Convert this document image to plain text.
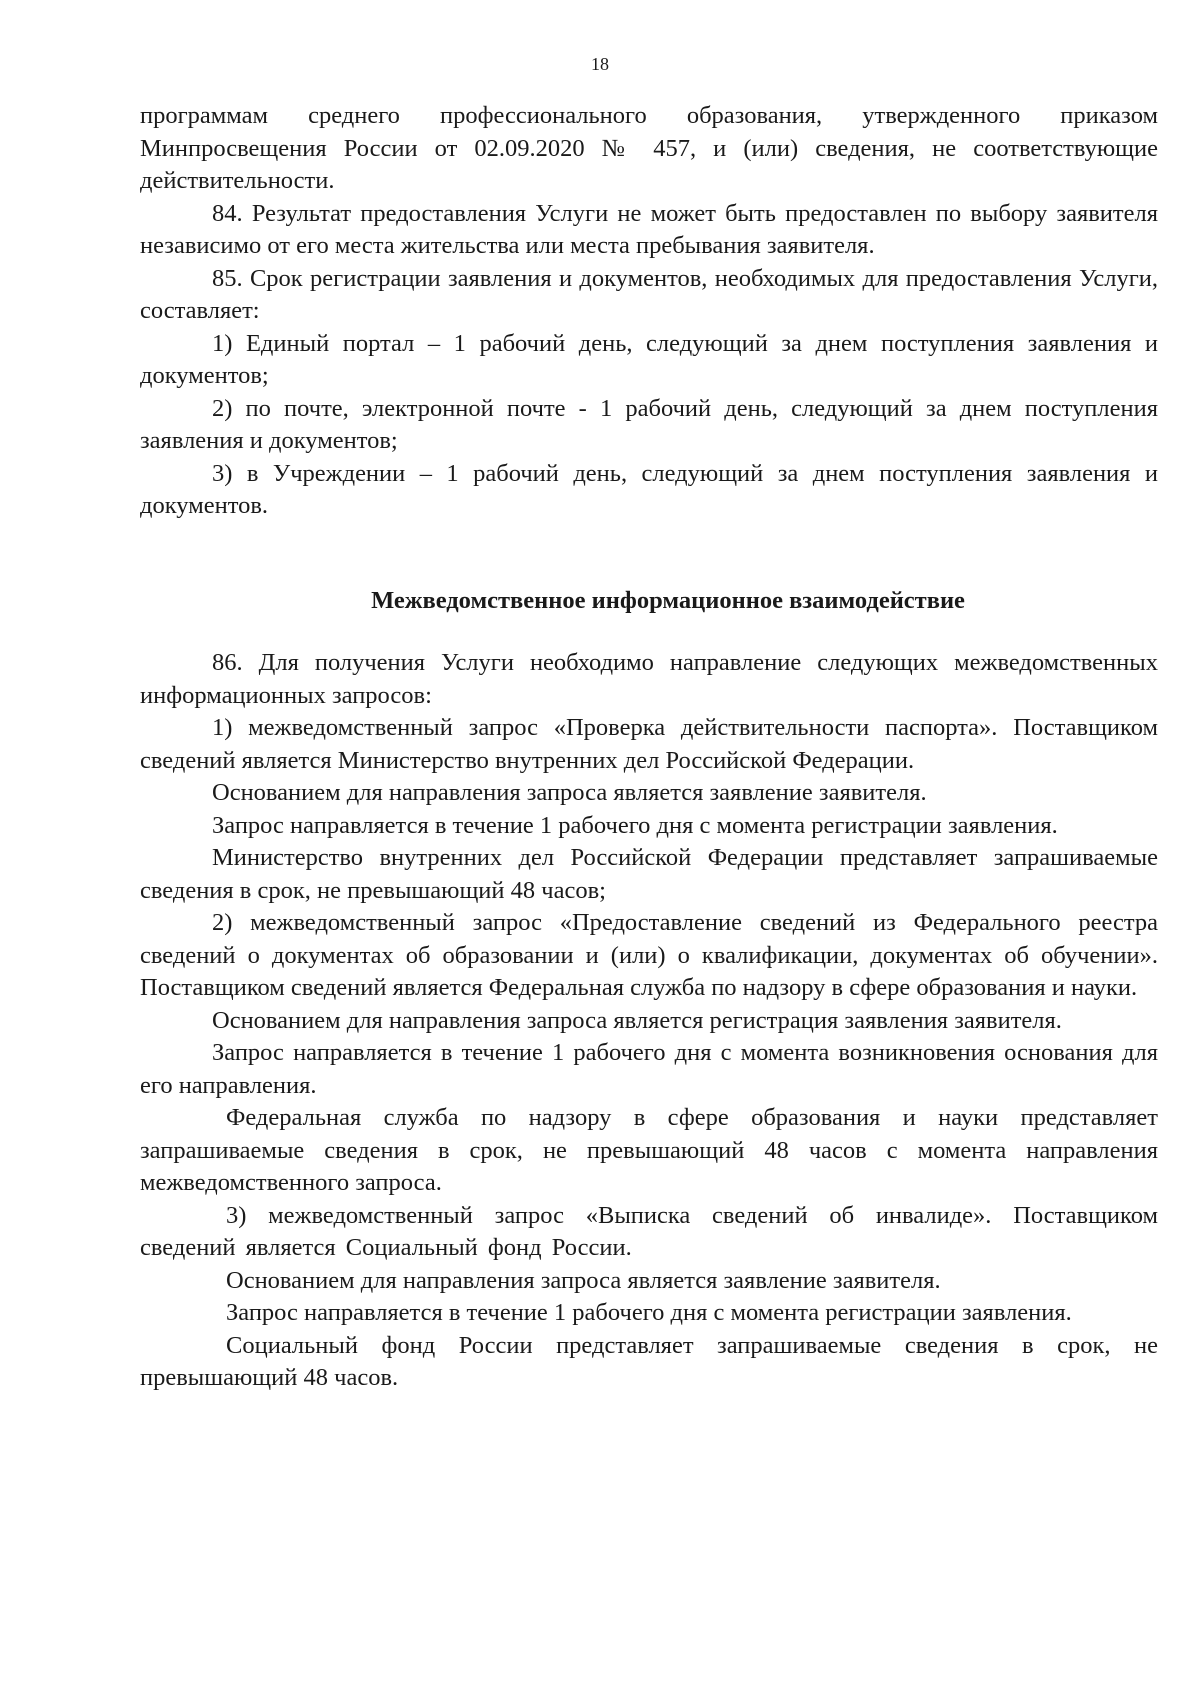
18

программам среднего профессионального образования, утвержденного приказом Минпросвещения России от 02.09.2020 № 457, и (или) сведения, не соответствующие действительности.

84. Результат предоставления Услуги не может быть предоставлен по выбору заявителя независимо от его места жительства или места пребывания заявителя.

85. Срок регистрации заявления и документов, необходимых для предоставления Услуги, составляет:

1) Единый портал – 1 рабочий день, следующий за днем поступления заявления и документов;

2) по почте, электронной почте - 1 рабочий день, следующий за днем поступления заявления и документов;

3) в Учреждении – 1 рабочий день, следующий за днем поступления заявления и документов.

Межведомственное информационное взаимодействие

86. Для получения Услуги необходимо направление следующих межведомственных информационных запросов:

1) межведомственный запрос «Проверка действительности паспорта». Поставщиком сведений является Министерство внутренних дел Российской Федерации.

Основанием для направления запроса является заявление заявителя.

Запрос направляется в течение 1 рабочего дня с момента регистрации заявления.

Министерство внутренних дел Российской Федерации представляет запрашиваемые сведения в срок, не превышающий 48 часов;

2) межведомственный запрос «Предоставление сведений из Федерального реестра сведений о документах об образовании и (или) о квалификации, документах об обучении». Поставщиком сведений является Федеральная служба по надзору в сфере образования и науки.

Основанием для направления запроса является регистрация заявления заявителя.

Запрос направляется в течение 1 рабочего дня с момента возникновения основания для его направления.

Федеральная служба по надзору в сфере образования и науки представляет запрашиваемые сведения в срок, не превышающий 48 часов с момента направления межведомственного запроса.

3) межведомственный запрос «Выписка сведений об инвалиде». Поставщиком сведений является Социальный фонд России.

Основанием для направления запроса является заявление заявителя.

Запрос направляется в течение 1 рабочего дня с момента регистрации заявления.

Социальный фонд России представляет запрашиваемые сведения в срок, не превышающий 48 часов.
